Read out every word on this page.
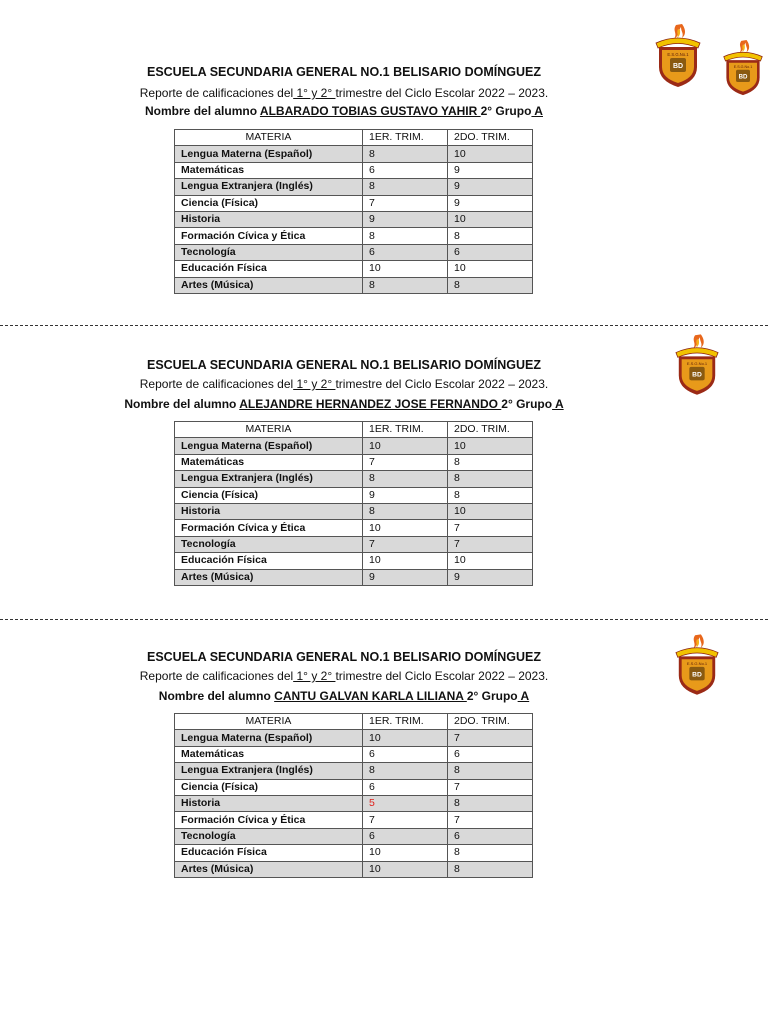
ESCUELA SECUNDARIA GENERAL NO.1 BELISARIO DOMÍNGUEZ
Reporte de calificaciones del 1° y 2° trimestre del Ciclo Escolar 2022 – 2023.
Nombre del alumno ALBARADO TOBIAS GUSTAVO YAHIR 2° Grupo A
MATERIA	1ER. TRIM.	2DO. TRIM.
Lengua Materna (Español)	8	10
Matemáticas	6	9
Lengua Extranjera (Inglés)	8	9
Ciencia (Física)	7	9
Historia	9	10
Formación Cívica y Ética	8	8
Tecnología	6	6
Educación Física	10	10
Artes (Música)	8	8
E.S.G.No.1
BD	E.S.G.No.1
BD
ESCUELA SECUNDARIA GENERAL NO.1 BELISARIO DOMÍNGUEZ
Reporte de calificaciones del 1° y 2° trimestre del Ciclo Escolar 2022 – 2023.
Nombre del alumno ALEJANDRE HERNANDEZ JOSE FERNANDO 2° Grupo A
MATERIA	1ER. TRIM.	2DO. TRIM.
Lengua Materna (Español)	10	10
Matemáticas	7	8
Lengua Extranjera (Inglés)	8	8
Ciencia (Física)	9	8
Historia	8	10
Formación Cívica y Ética	10	7
Tecnología	7	7
Educación Física	10	10
Artes (Música)	9	9
E.S.G.No.1
BD
ESCUELA SECUNDARIA GENERAL NO.1 BELISARIO DOMÍNGUEZ
Reporte de calificaciones del 1° y 2° trimestre del Ciclo Escolar 2022 – 2023.
Nombre del alumno CANTU GALVAN KARLA LILIANA 2° Grupo A
MATERIA	1ER. TRIM.	2DO. TRIM.
Lengua Materna (Español)	10	7
Matemáticas	6	6
Lengua Extranjera (Inglés)	8	8
Ciencia (Física)	6	7
Historia	5	8
Formación Cívica y Ética	7	7
Tecnología	6	6
Educación Física	10	8
Artes (Música)	10	8
E.S.G.No.1
BD
